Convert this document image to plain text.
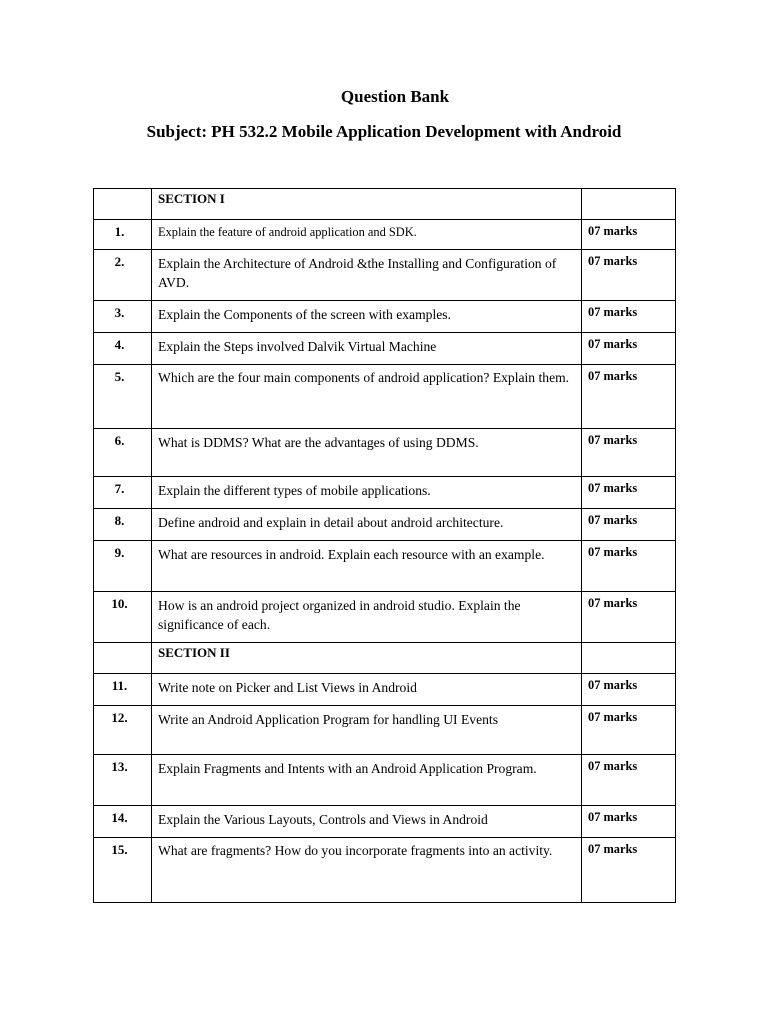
Question Bank
Subject: PH 532.2 Mobile Application Development with Android
	SECTION I	
1.	Explain the feature of android application and SDK.	07 marks
2.	Explain the Architecture of Android &the Installing and Configuration of AVD.	07 marks
3.	Explain the Components of the screen with examples.	07 marks
4.	Explain the Steps involved Dalvik Virtual Machine	07 marks
5.	Which are the four main components of android application? Explain them.	07 marks
6.	What is DDMS? What are the advantages of using DDMS.	07 marks
7.	Explain the different types of mobile applications.	07 marks
8.	Define android and explain in detail about android architecture.	07 marks
9.	What are resources in android. Explain each resource with an example.	07 marks
10.	How is an android project organized in android studio. Explain the significance of each.	07 marks
	SECTION II	
11.	Write note on Picker and List Views in Android	07 marks
12.	Write an Android Application Program for handling UI Events	07 marks
13.	Explain Fragments and Intents with an Android Application Program.	07 marks
14.	Explain the Various Layouts, Controls and Views in Android	07 marks
15.	What are fragments? How do you incorporate fragments into an activity.	07 marks
